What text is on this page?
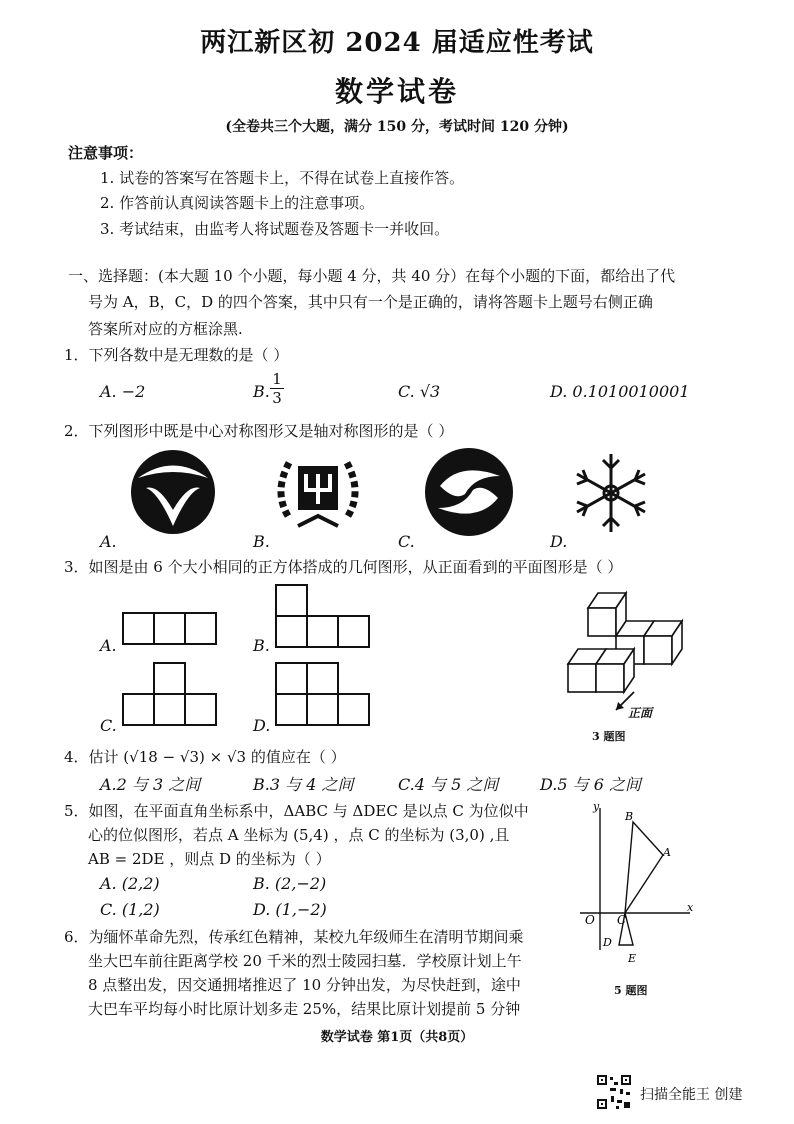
两江新区初 2024 届适应性考试
数学试卷
(全卷共三个大题，满分 150 分，考试时间 120 分钟)
注意事项：
1. 试卷的答案写在答题卡上，不得在试卷上直接作答。
2. 作答前认真阅读答题卡上的注意事项。
3. 考试结束，由监考人将试题卷及答题卡一并收回。
一、选择题：(本大题 10 个小题，每小题 4 分，共 40 分）在每个小题的下面，都给出了代
号为 A，B，C，D 的四个答案，其中只有一个是正确的，请将答题卡上题号右侧正确
答案所对应的方框涂黑.
1．下列各数中是无理数的是（ ）
A. −2	B. $\frac{1}{3}$	C. √3	D. 0.1010010001
2．下列图形中既是中心对称图形又是轴对称图形的是（ ）
A.	B.	C.	D.
3．如图是由 6 个大小相同的正方体搭成的几何图形，从正面看到的平面图形是（ ）
A.	B.
C.	D.
正面
3 题图
4．估计 (√18 − √3) × √3 的值应在（ ）
A.2 与 3 之间	B.3 与 4 之间	C.4 与 5 之间	D.5 与 6 之间
5．如图，在平面直角坐标系中，ΔABC 与 ΔDEC 是以点 C 为位似中
心的位似图形，若点 A 坐标为 (5,4) ，点 C 的坐标为 (3,0) ,且
AB = 2DE ，则点 D 的坐标为（ ）
A. (2,2)	B. (2,−2)
C. (1,2)	D. (1,−2)
y
x
O
B
A
C
D
E
5 题图
6．为缅怀革命先烈，传承红色精神，某校九年级师生在清明节期间乘
坐大巴车前往距离学校 20 千米的烈士陵园扫墓．学校原计划上午
8 点整出发，因交通拥堵推迟了 10 分钟出发，为尽快赶到，途中
大巴车平均每小时比原计划多走 25%，结果比原计划提前 5 分钟
数学试卷 第1页（共8页）
扫描全能王 创建
